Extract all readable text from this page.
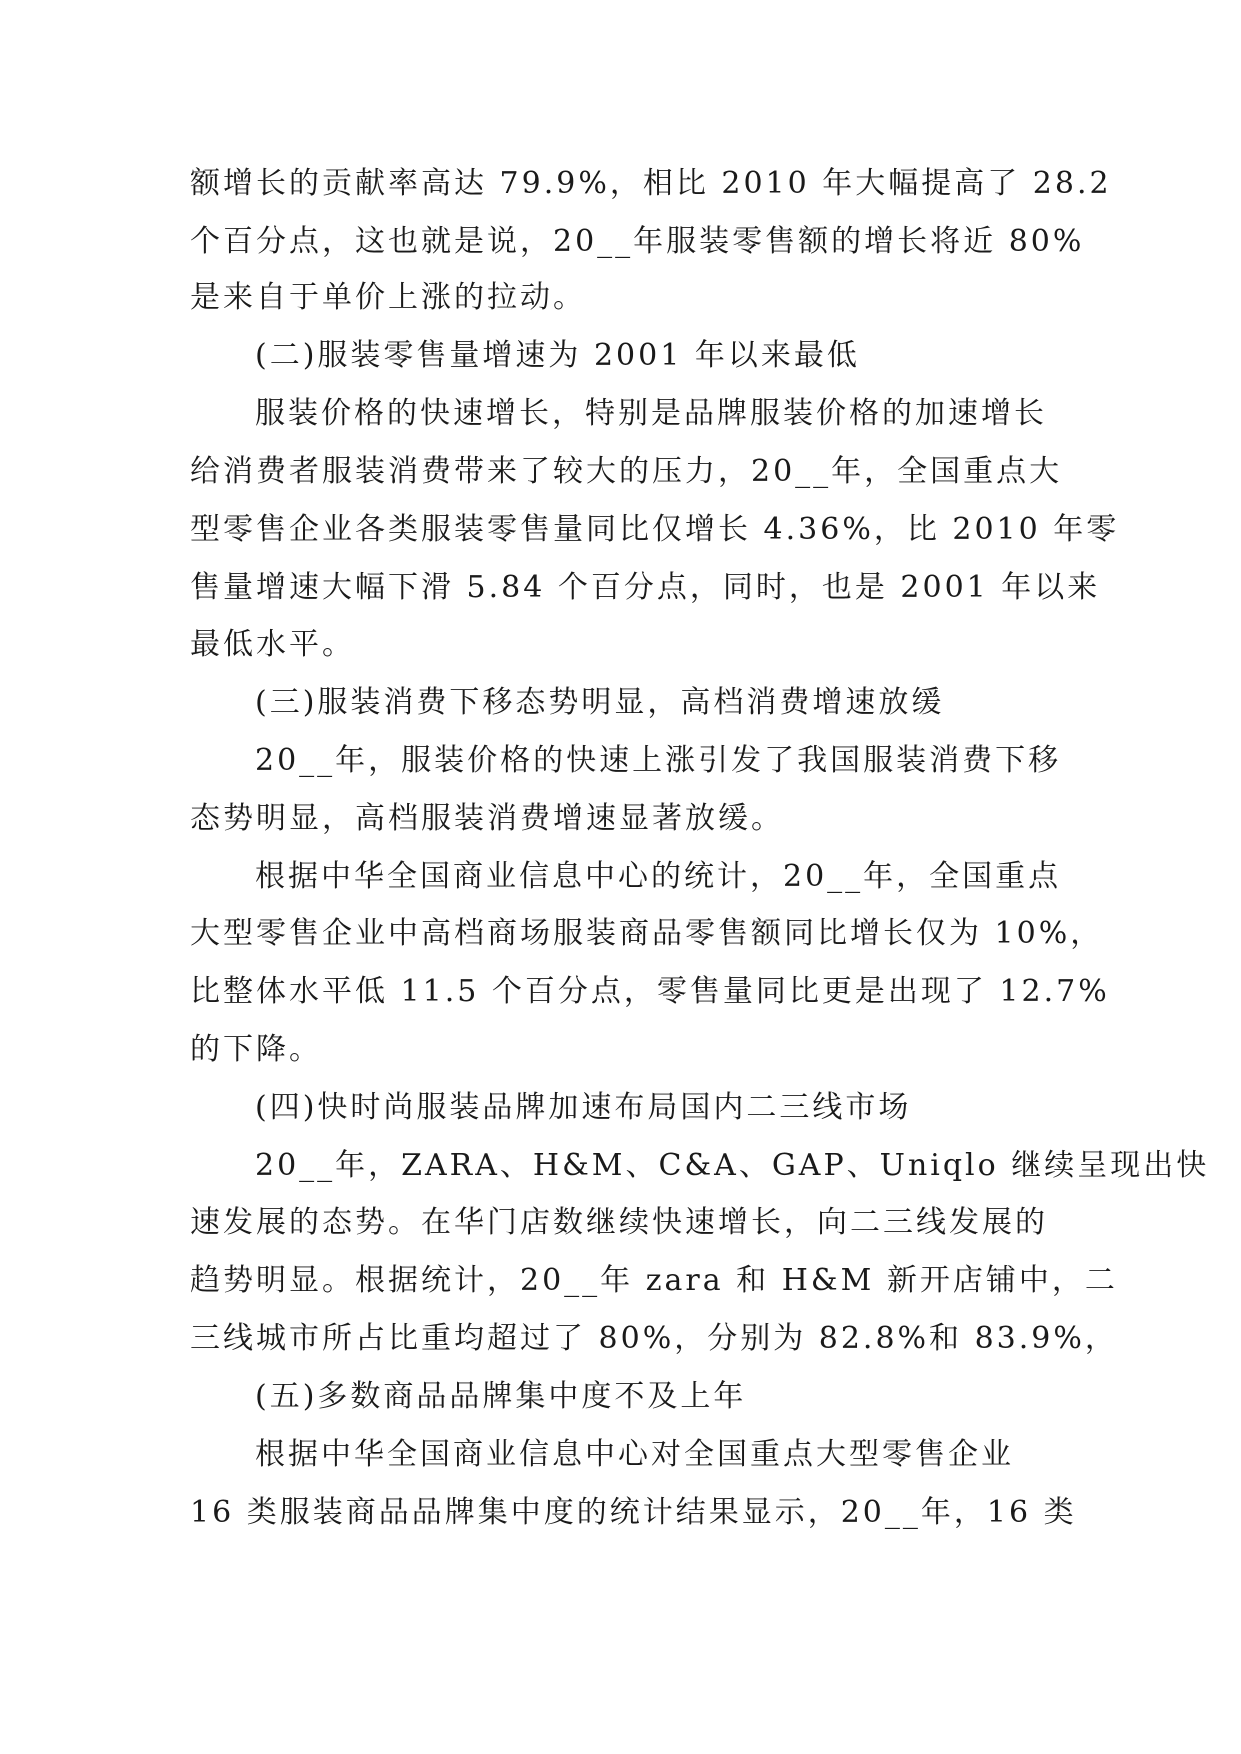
额增长的贡献率高达 79.9%，相比 2010 年大幅提高了 28.2
个百分点，这也就是说，20__年服装零售额的增长将近 80%
是来自于单价上涨的拉动。
(二)服装零售量增速为 2001 年以来最低
服装价格的快速增长，特别是品牌服装价格的加速增长
给消费者服装消费带来了较大的压力，20__年，全国重点大
型零售企业各类服装零售量同比仅增长 4.36%，比 2010 年零
售量增速大幅下滑 5.84 个百分点，同时，也是 2001 年以来
最低水平。
(三)服装消费下移态势明显，高档消费增速放缓
20__年，服装价格的快速上涨引发了我国服装消费下移
态势明显，高档服装消费增速显著放缓。
根据中华全国商业信息中心的统计，20__年，全国重点
大型零售企业中高档商场服装商品零售额同比增长仅为 10%，
比整体水平低 11.5 个百分点，零售量同比更是出现了 12.7%
的下降。
(四)快时尚服装品牌加速布局国内二三线市场
20__年，ZARA、H&M、C&A、GAP、Uniqlo 继续呈现出快
速发展的态势。在华门店数继续快速增长，向二三线发展的
趋势明显。根据统计，20__年 zara 和 H&M 新开店铺中，二
三线城市所占比重均超过了 80%，分别为 82.8%和 83.9%，
(五)多数商品品牌集中度不及上年
根据中华全国商业信息中心对全国重点大型零售企业
16 类服装商品品牌集中度的统计结果显示，20__年，16 类
